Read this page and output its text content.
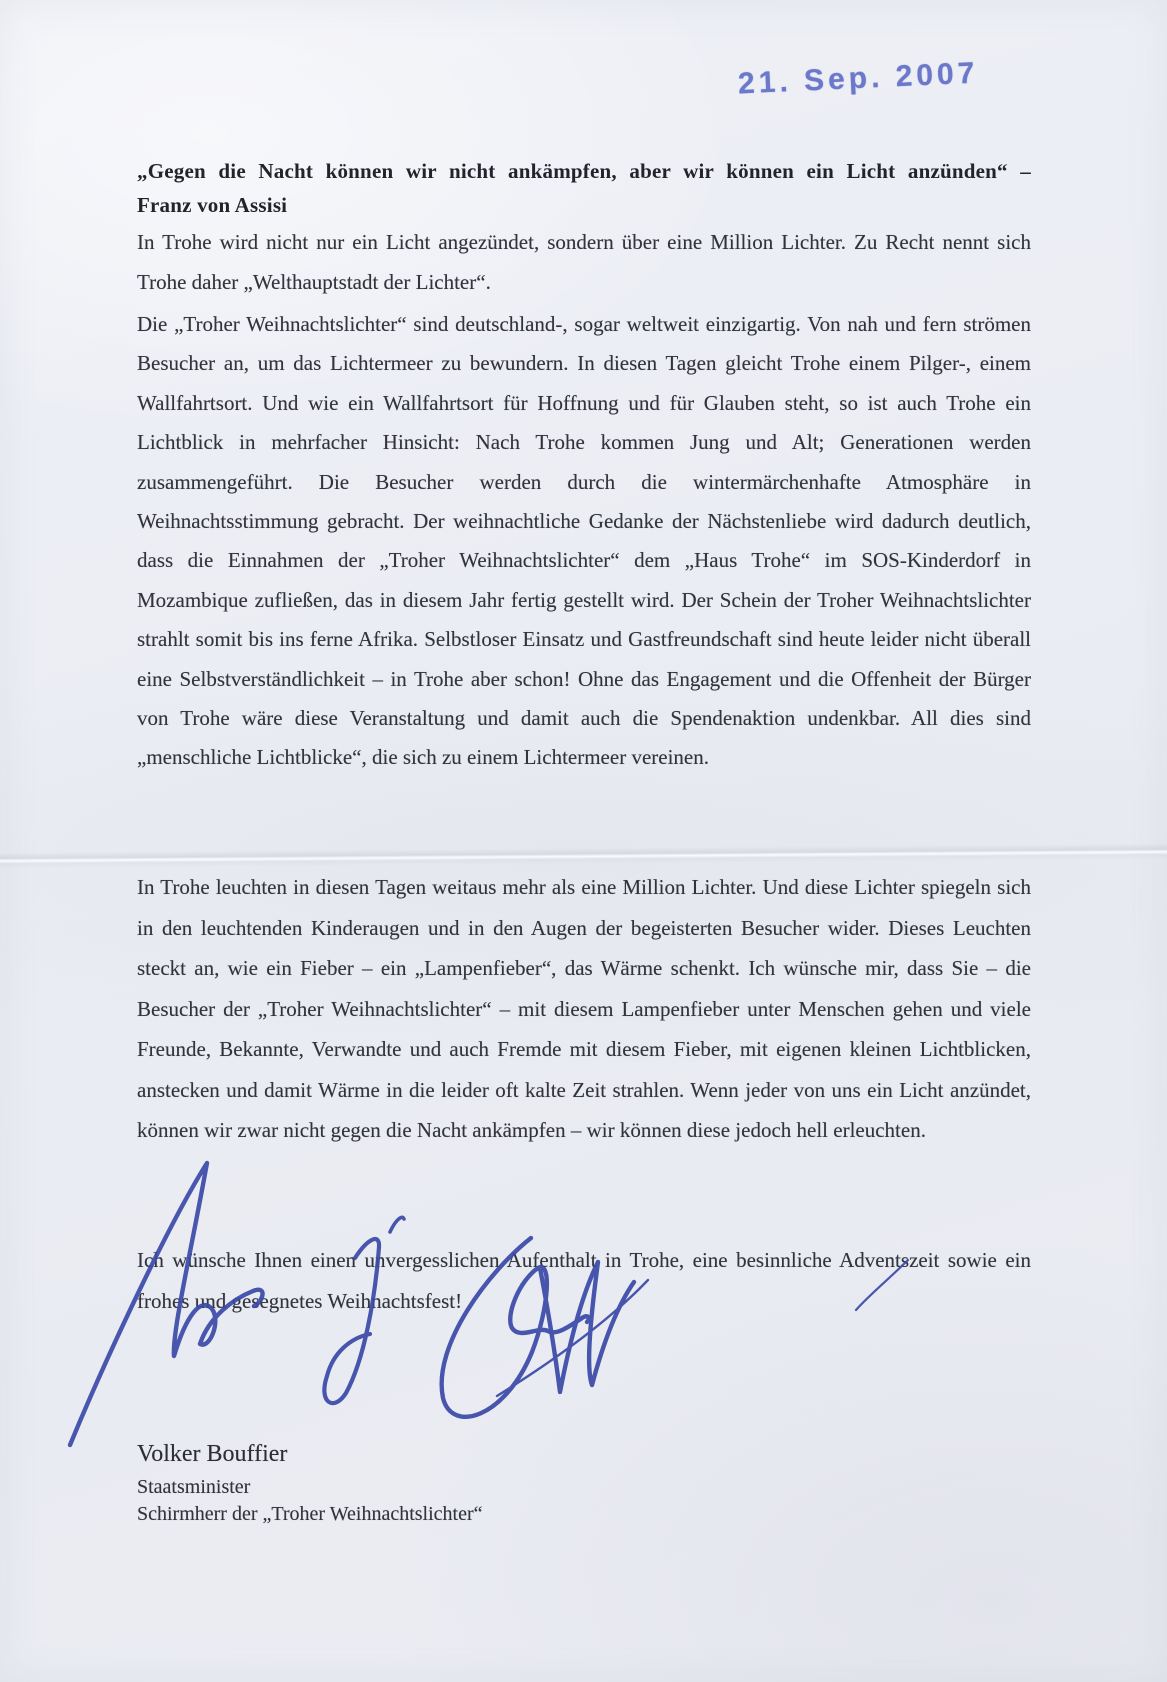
21. Sep. 2007
„Gegen die Nacht können wir nicht ankämpfen, aber wir können ein Licht anzünden“ –
Franz von Assisi
In Trohe wird nicht nur ein Licht angezündet, sondern über eine Million Lichter. Zu Recht nennt sich Trohe daher „Welthauptstadt der Lichter“.
Die „Troher Weihnachtslichter“ sind deutschland-, sogar weltweit einzigartig. Von nah und fern strömen Besucher an, um das Lichtermeer zu bewundern. In diesen Tagen gleicht Trohe einem Pilger-, einem Wallfahrtsort. Und wie ein Wallfahrtsort für Hoffnung und für Glauben steht, so ist auch Trohe ein Lichtblick in mehrfacher Hinsicht: Nach Trohe kommen Jung und Alt; Generationen werden zusammengeführt. Die Besucher werden durch die wintermärchenhafte Atmosphäre in Weihnachtsstimmung gebracht. Der weihnachtliche Gedanke der Nächstenliebe wird dadurch deutlich, dass die Einnahmen der „Troher Weihnachtslichter“ dem „Haus Trohe“ im SOS-Kinderdorf in Mozambique zufließen, das in diesem Jahr fertig gestellt wird. Der Schein der Troher Weihnachtslichter strahlt somit bis ins ferne Afrika. Selbstloser Einsatz und Gastfreundschaft sind heute leider nicht überall eine Selbstverständlichkeit – in Trohe aber schon! Ohne das Engagement und die Offenheit der Bürger von Trohe wäre diese Veranstaltung und damit auch die Spendenaktion undenkbar. All dies sind „menschliche Lichtblicke“, die sich zu einem Lichtermeer vereinen.
In Trohe leuchten in diesen Tagen weitaus mehr als eine Million Lichter. Und diese Lichter spiegeln sich in den leuchtenden Kinderaugen und in den Augen der begeisterten Besucher wider. Dieses Leuchten steckt an, wie ein Fieber – ein „Lampenfieber“, das Wärme schenkt. Ich wünsche mir, dass Sie – die Besucher der „Troher Weihnachtslichter“ – mit diesem Lampenfieber unter Menschen gehen und viele Freunde, Bekannte, Verwandte und auch Fremde mit diesem Fieber, mit eigenen kleinen Lichtblicken, anstecken und damit Wärme in die leider oft kalte Zeit strahlen. Wenn jeder von uns ein Licht anzündet, können wir zwar nicht gegen die Nacht ankämpfen – wir können diese jedoch hell erleuchten.
Ich wünsche Ihnen einen unvergesslichen Aufenthalt in Trohe, eine besinnliche Adventszeit sowie ein frohes und gesegnetes Weihnachtsfest!
Volker Bouffier
Staatsminister
Schirmherr der „Troher Weihnachtslichter“
